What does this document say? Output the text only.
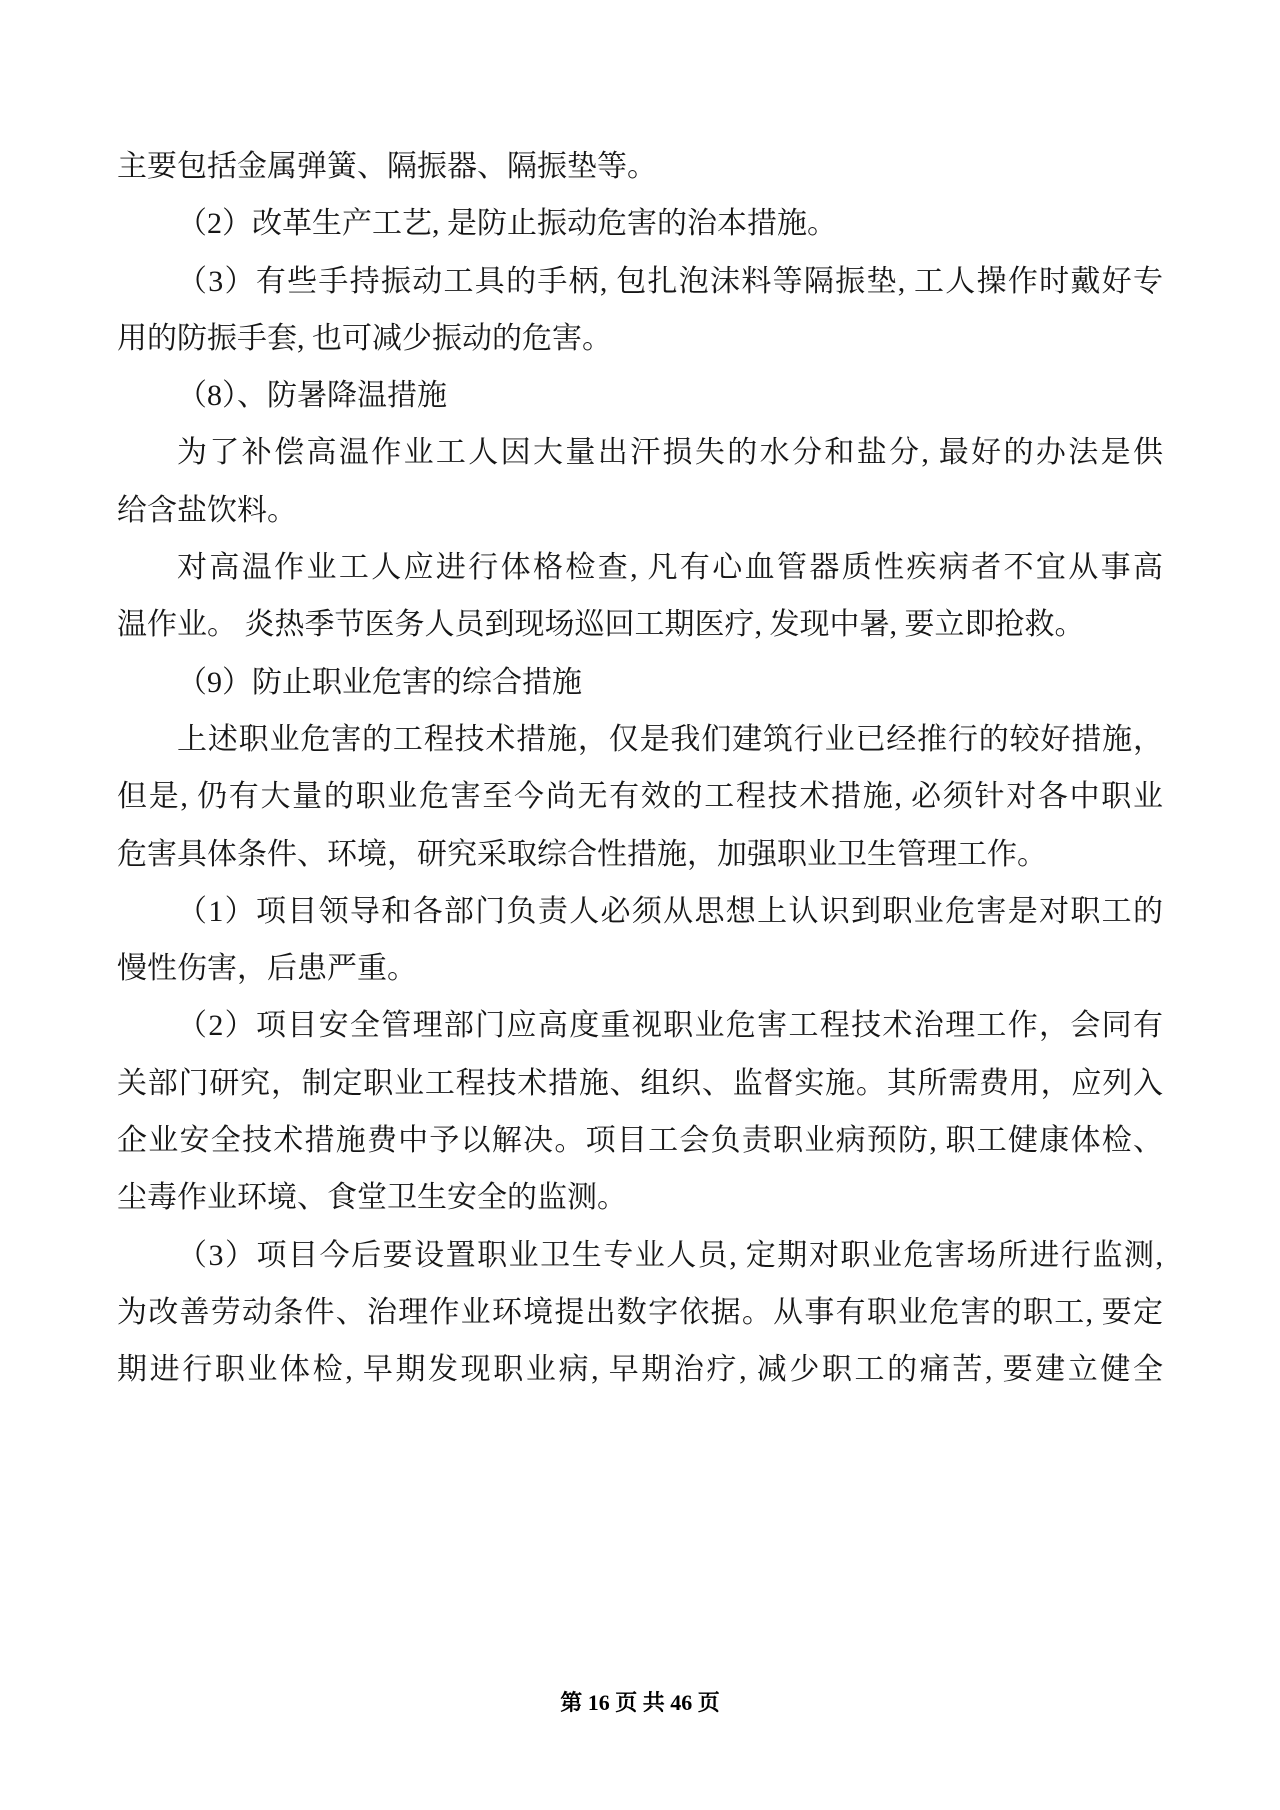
主要包括金属弹簧、隔振器、隔振垫等。
（2）改革生产工艺, 是防止振动危害的治本措施。
（3）有些手持振动工具的手柄, 包扎泡沫料等隔振垫, 工人操作时戴好专
用的防振手套, 也可减少振动的危害。
（8）、防暑降温措施
为了补偿高温作业工人因大量出汗损失的水分和盐分, 最好的办法是供
给含盐饮料。
对高温作业工人应进行体格检查, 凡有心血管器质性疾病者不宜从事高
温作业。 炎热季节医务人员到现场巡回工期医疗, 发现中暑, 要立即抢救。
（9）防止职业危害的综合措施
上述职业危害的工程技术措施，仅是我们建筑行业已经推行的较好措施，
但是, 仍有大量的职业危害至今尚无有效的工程技术措施, 必须针对各中职业
危害具体条件、环境，研究采取综合性措施，加强职业卫生管理工作。
（1）项目领导和各部门负责人必须从思想上认识到职业危害是对职工的
慢性伤害，后患严重。
（2）项目安全管理部门应高度重视职业危害工程技术治理工作，会同有
关部门研究，制定职业工程技术措施、组织、监督实施。其所需费用，应列入
企业安全技术措施费中予以解决。项目工会负责职业病预防, 职工健康体检、
尘毒作业环境、食堂卫生安全的监测。
（3）项目今后要设置职业卫生专业人员, 定期对职业危害场所进行监测,
为改善劳动条件、治理作业环境提出数字依据。从事有职业危害的职工, 要定
期进行职业体检, 早期发现职业病, 早期治疗, 减少职工的痛苦, 要建立健全
第 16 页 共 46 页
